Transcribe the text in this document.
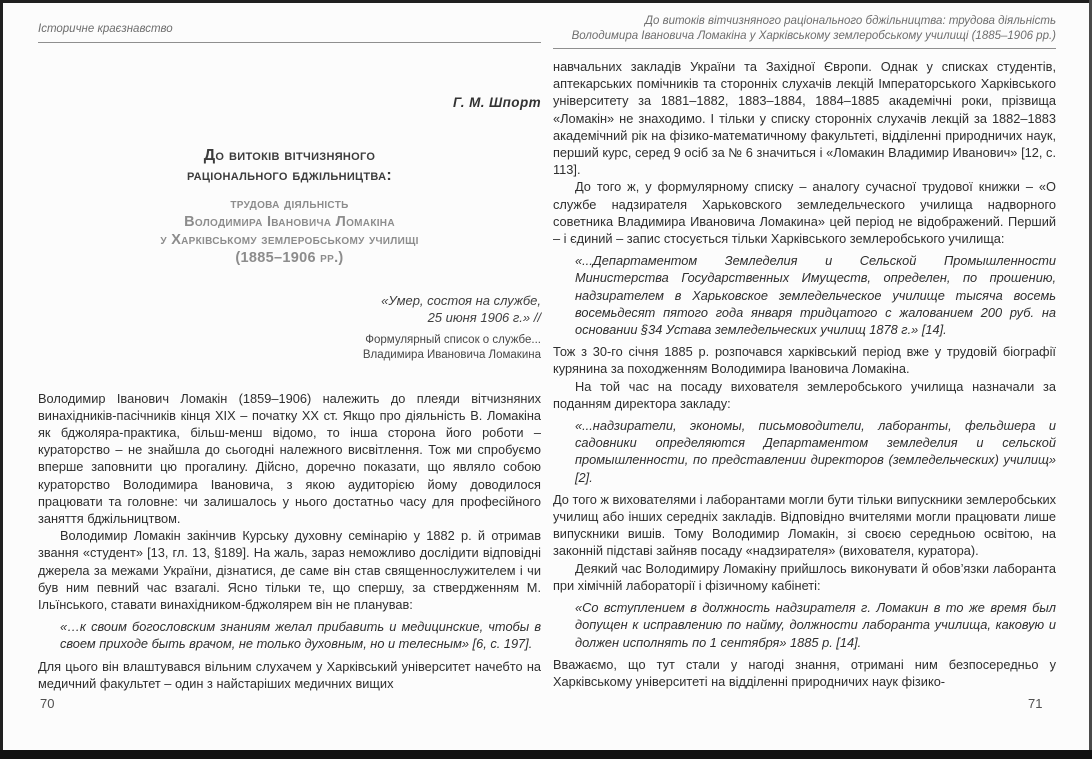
Історичне краєзнавство
Г. М. Шпорт
До витоків вітчизняного
раціонального бджільництва:
трудова діяльність
Володимира Івановича Ломакіна
у Харківському землеробському училищі
(1885–1906 рр.)
«Умер, состоя на службе,
25 июня 1906 г.» //
Формулярный список о службе...
Владимира Ивановича Ломакина

Володимир Іванович Ломакін (1859–1906) належить до плеяди вітчизняних винахідників-пасічників кінця XIX – початку XX ст. Якщо про діяльність В. Ломакіна як бджоляра-практика, більш-менш відомо, то інша сторона його роботи – кураторство – не знайшла до сьогодні належного висвітлення. Тож ми спробуємо вперше заповнити цю прогалину. Дійсно, доречно показати, що являло собою кураторство Володимира Івановича, з якою аудиторією йому доводилося працювати та головне: чи залишалось у нього достатньо часу для професійного заняття бджільництвом.

Володимир Ломакін закінчив Курську духовну семінарію у 1882 р. й отримав звання «студент» [13, гл. 13, §189]. На жаль, зараз неможливо дослідити відповідні джерела за межами України, дізнатися, де саме він став священнослужителем і чи був ним певний час взагалі. Ясно тільки те, що спершу, за ствердженням М. Ільїнського, ставати винахідником-бджолярем він не планував:

«…к своим богословским знаниям желал прибавить и медицинские, чтобы в своем приходе быть врачом, не только духовным, но и телесным» [6, с. 197].

Для цього він влаштувався вільним слухачем у Харківський університет начебто на медичний факультет – один з найстаріших медичних вищих

До витоків вітчизняного раціонального бджільництва: трудова діяльність
Володимира Івановича Ломакіна у Харківському землеробському училищі (1885–1906 рр.)

навчальних закладів України та Західної Європи. Однак у списках студентів, аптекарських помічників та сторонніх слухачів лекцій Імператорського Харківського університету за 1881–1882, 1883–1884, 1884–1885 академічні роки, прізвища «Ломакін» не знаходимо. І тільки у списку сторонніх слухачів лекцій за 1882–1883 академічний рік на фізико-математичному факультеті, відділенні природничих наук, перший курс, серед 9 осіб за № 6 значиться і «Ломакин Владимир Иванович» [12, с. 113].

До того ж, у формулярному списку – аналогу сучасної трудової книжки – «О службе надзирателя Харьковского земледельческого училища надворного советника Владимира Ивановича Ломакина» цей період не відображений. Перший – і єдиний – запис стосується тільки Харківського землеробського училища:

«...Департаментом Земледелия и Сельской Промышленности Министерства Государственных Имуществ, определен, по прошению, надзирателем в Харьковское земледельческое училище тысяча восемь восемьдесят пятого года января тридцатого с жалованием 200 руб. на основании §34 Устава земледельческих училищ 1878 г.» [14].

Тож з 30-го січня 1885 р. розпочався харківський період вже у трудовій біографії курянина за походженням Володимира Івановича Ломакіна.

На той час на посаду вихователя землеробського училища назначали за поданням директора закладу:

«...надзиратели, экономы, письмоводители, лаборанты, фельдшера и садовники определяются Департаментом земледелия и сельской промышленности, по представлении директоров (земледельческих) училищ» [2].

До того ж вихователями і лаборантами могли бути тільки випускники землеробських училищ або інших середніх закладів. Відповідно вчителями могли працювати лише випускники вишів. Тому Володимир Ломакін, зі своєю середньою освітою, на законній підставі зайняв посаду «надзирателя» (вихователя, куратора).

Деякий час Володимиру Ломакіну прийшлось виконувати й обов’язки лаборанта при хімічній лабораторії і фізичному кабінеті:

«Со вступлением в должность надзирателя г. Ломакин в то же время был допущен к исправлению по найму, должности лаборанта училища, каковую и должен исполнять по 1 сентября» 1885 р. [14].

Вважаємо, що тут стали у нагоді знання, отримані ним безпосередньо у Харківському університеті на відділенні природничих наук фізико-

70	71
